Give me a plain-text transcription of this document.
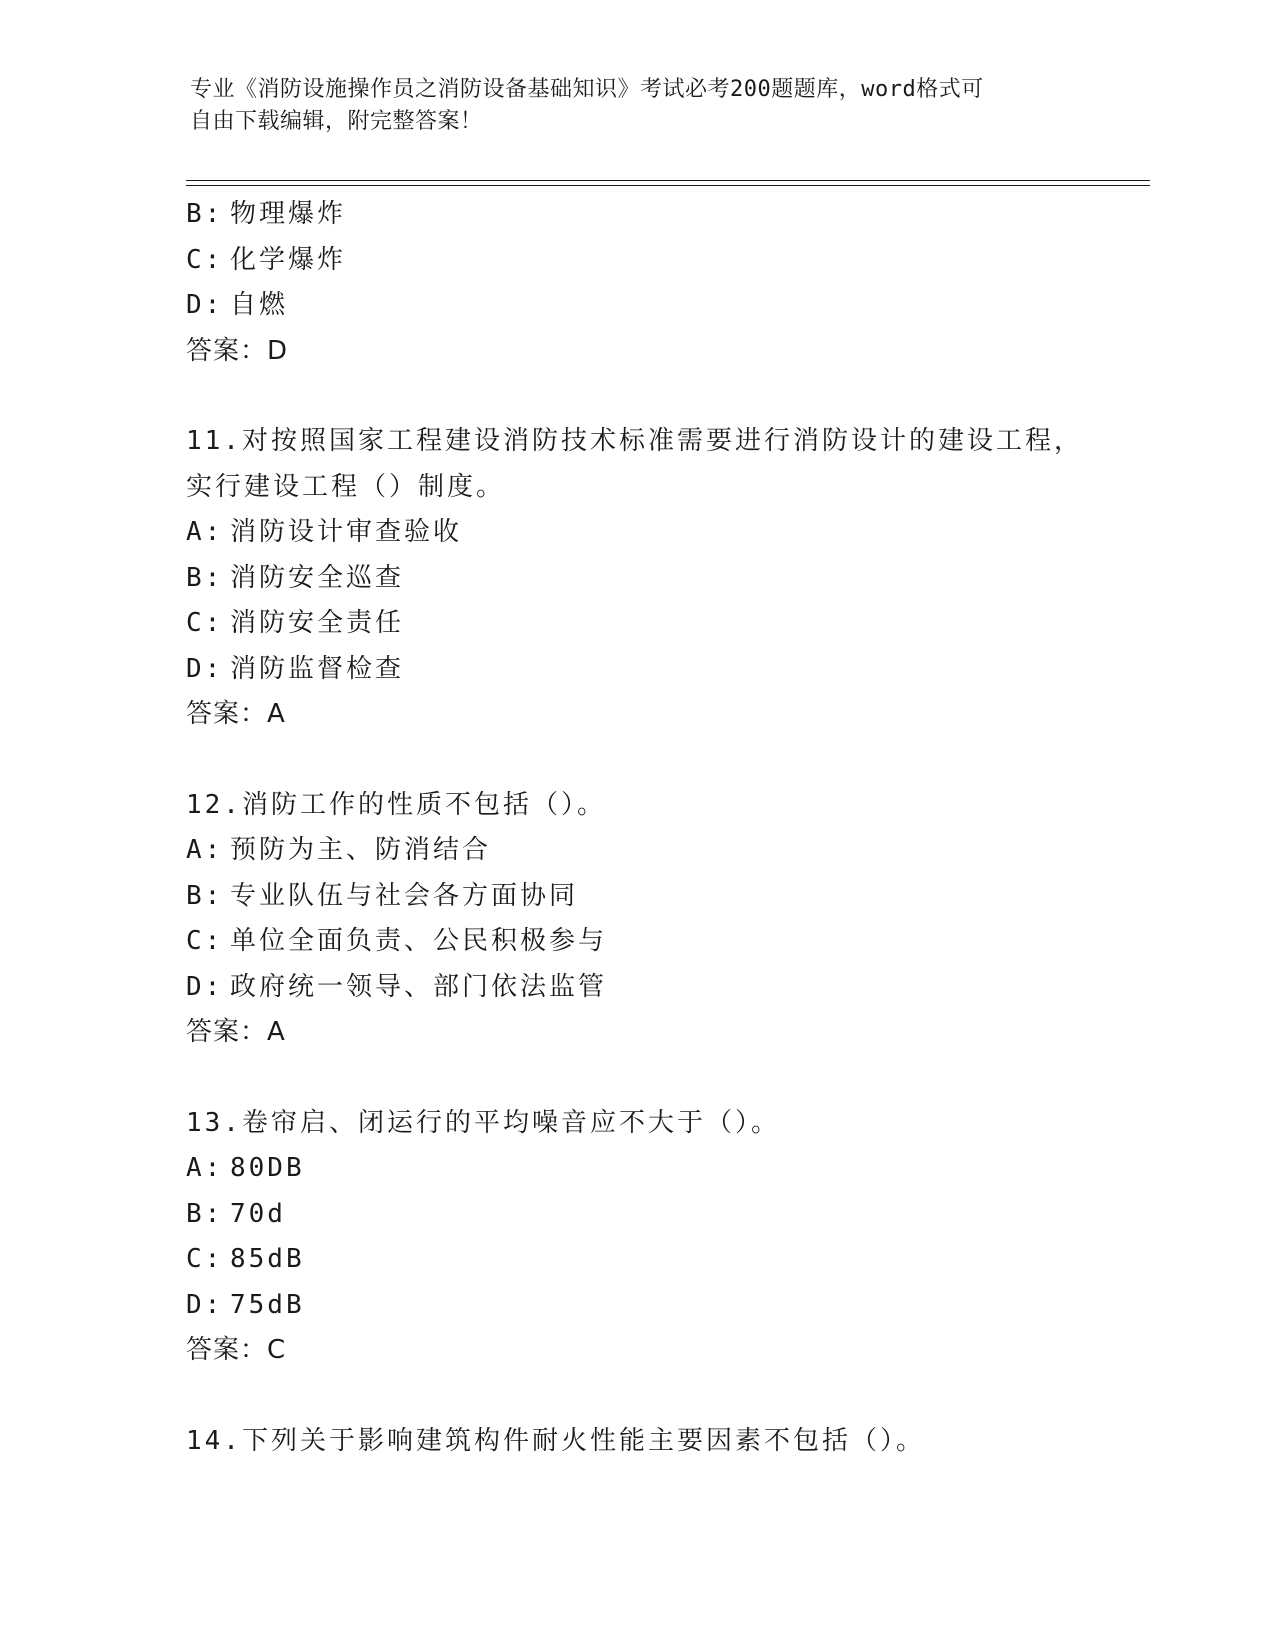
专业《消防设施操作员之消防设备基础知识》考试必考200题题库，word格式可
自由下载编辑，附完整答案！
B: 物理爆炸
C: 化学爆炸
D: 自燃
答案：D
11.对按照国家工程建设消防技术标准需要进行消防设计的建设工程，
实行建设工程（）制度。
A: 消防设计审查验收
B: 消防安全巡查
C: 消防安全责任
D: 消防监督检查
答案：A
12.消防工作的性质不包括（）。
A: 预防为主、防消结合
B: 专业队伍与社会各方面协同
C: 单位全面负责、公民积极参与
D: 政府统一领导、部门依法监管
答案：A
13.卷帘启、闭运行的平均噪音应不大于（）。
A: 80DB
B: 70d
C: 85dB
D: 75dB
答案：C
14.下列关于影响建筑构件耐火性能主要因素不包括（）。
